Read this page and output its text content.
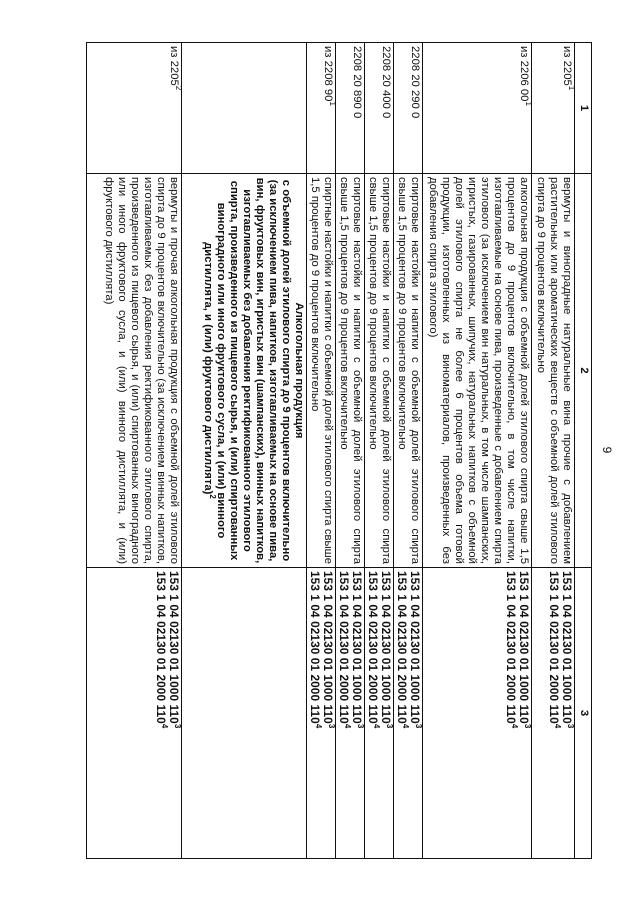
9
1	2	3
из 2205$^1$	вермуты и виноградные натуральные вина прочие с добавлением растительных или ароматических веществ с объемной долей этилового спирта до 9 процентов включительно	153 1 04 02130 01 1000 $110^3$
153 1 04 02130 01 2000 $110^4$

из 2206 $00^1$	алкогольная продукция с объемной долей этилового спирта свыше 1,5 процентов до 9 процентов включительно, в том числе напитки, изготавливаемые на основе пива, произведенные с добавлением спирта этилового (за исключением вин натуральных, в том числе шампанских, игристых, газированных, шипучих, натуральных напитков с объемной долей этилового спирта не более 6 процентов объема готовой продукции, изготовленных из виноматериалов, произведенных без добавления спирта этилового)	153 1 04 02130 01 1000 $110^3$
153 1 04 02130 01 2000 $110^4$

2208 20 290 0	спиртовые настойки и напитки с объемной долей этилового спирта свыше 1,5 процентов до 9 процентов включительно	153 1 04 02130 01 1000 $110^3$
153 1 04 02130 01 2000 $110^4$

2208 20 400 0	спиртовые настойки и напитки с объемной долей этилового спирта свыше 1,5 процентов до 9 процентов включительно	153 1 04 02130 01 1000 $110^3$
153 1 04 02130 01 2000 $110^4$

2208 20 890 0	спиртовые настойки и напитки с объемной долей этилового спирта свыше 1,5 процентов до 9 процентов включительно	153 1 04 02130 01 1000 $110^3$
153 1 04 02130 01 2000 $110^4$

из 2208 $90^1$	спиртные настойки и напитки с объемной долей этилового спирта свыше 1,5 процентов до 9 процентов включительно	153 1 04 02130 01 1000 $110^3$
153 1 04 02130 01 2000 $110^4$

	Алкогольная продукция
с объемной долей этилового спирта до 9 процентов включительно (за исключением пива, напитков, изготавливаемых на основе пива, вин, фруктовых вин, игристых вин (шампанских), винных напитков, изготавливаемых без добавления ректификованного этилового спирта, произведенного из пищевого сырья, и (или) спиртованных виноградного или иного фруктового сусла, и (или) винного дистиллята, и (или) фруктового дистиллята)$^2$

из 2205$^2$	вермуты и прочая алкогольная продукция с объемной долей этилового спирта до 9 процентов включительно (за исключением винных напитков, изготавливаемых без добавления ректификованного этилового спирта, произведенного из пищевого сырья, и (или) спиртованных виноградного или иного фруктового сусла, и (или) винного дистиллята, и (или) фруктового дистиллята)	153 1 04 02130 01 1000 $110^3$
153 1 04 02130 01 2000 $110^4$
